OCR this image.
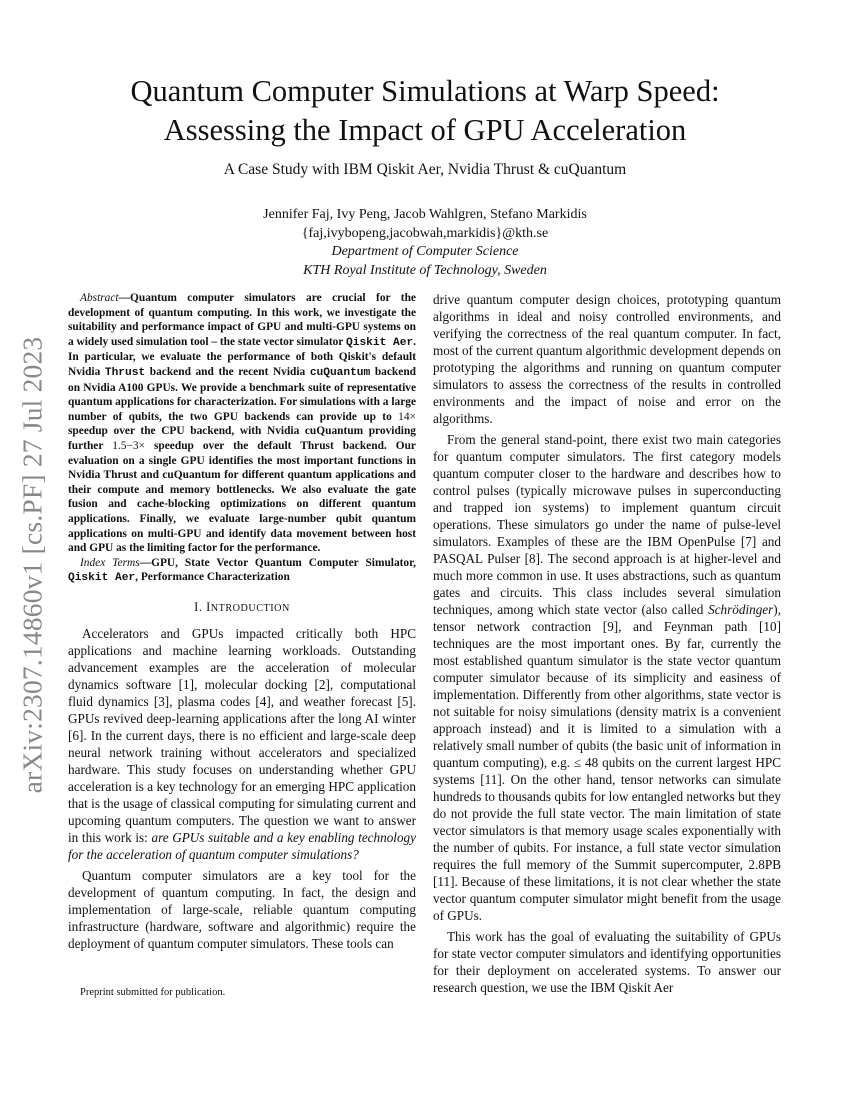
arXiv:2307.14860v1 [cs.PF] 27 Jul 2023
Quantum Computer Simulations at Warp Speed:
Assessing the Impact of GPU Acceleration
A Case Study with IBM Qiskit Aer, Nvidia Thrust & cuQuantum
Jennifer Faj, Ivy Peng, Jacob Wahlgren, Stefano Markidis
{faj,ivybopeng,jacobwah,markidis}@kth.se
Department of Computer Science
KTH Royal Institute of Technology, Sweden

Abstract—Quantum computer simulators are crucial for the development of quantum computing. In this work, we investigate the suitability and performance impact of GPU and multi-GPU systems on a widely used simulation tool – the state vector simulator Qiskit Aer. In particular, we evaluate the performance of both Qiskit's default Nvidia Thrust backend and the recent Nvidia cuQuantum backend on Nvidia A100 GPUs. We provide a benchmark suite of representative quantum applications for characterization. For simulations with a large number of qubits, the two GPU backends can provide up to 14× speedup over the CPU backend, with Nvidia cuQuantum providing further 1.5−3× speedup over the default Thrust backend. Our evaluation on a single GPU identifies the most important functions in Nvidia Thrust and cuQuantum for different quantum applications and their compute and memory bottlenecks. We also evaluate the gate fusion and cache-blocking optimizations on different quantum applications. Finally, we evaluate large-number qubit quantum applications on multi-GPU and identify data movement between host and GPU as the limiting factor for the performance.

Index Terms—GPU, State Vector Quantum Computer Simulator, Qiskit Aer, Performance Characterization

I. INTRODUCTION

Accelerators and GPUs impacted critically both HPC applications and machine learning workloads. Outstanding advancement examples are the acceleration of molecular dynamics software [1], molecular docking [2], computational fluid dynamics [3], plasma codes [4], and weather forecast [5]. GPUs revived deep-learning applications after the long AI winter [6]. In the current days, there is no efficient and large-scale deep neural network training without accelerators and specialized hardware. This study focuses on understanding whether GPU acceleration is a key technology for an emerging HPC application that is the usage of classical computing for simulating current and upcoming quantum computers. The question we want to answer in this work is: are GPUs suitable and a key enabling technology for the acceleration of quantum computer simulations?

Quantum computer simulators are a key tool for the development of quantum computing. In fact, the design and implementation of large-scale, reliable quantum computing infrastructure (hardware, software and algorithmic) require the deployment of quantum computer simulators. These tools can

drive quantum computer design choices, prototyping quantum algorithms in ideal and noisy controlled environments, and verifying the correctness of the real quantum computer. In fact, most of the current quantum algorithmic development depends on prototyping the algorithms and running on quantum computer simulators to assess the correctness of the results in controlled environments and the impact of noise and error on the algorithms.

From the general stand-point, there exist two main categories for quantum computer simulators. The first category models quantum computer closer to the hardware and describes how to control pulses (typically microwave pulses in superconducting and trapped ion systems) to implement quantum circuit operations. These simulators go under the name of pulse-level simulators. Examples of these are the IBM OpenPulse [7] and PASQAL Pulser [8]. The second approach is at higher-level and much more common in use. It uses abstractions, such as quantum gates and circuits. This class includes several simulation techniques, among which state vector (also called Schrödinger), tensor network contraction [9], and Feynman path [10] techniques are the most important ones. By far, currently the most established quantum simulator is the state vector quantum computer simulator because of its simplicity and easiness of implementation. Differently from other algorithms, state vector is not suitable for noisy simulations (density matrix is a convenient approach instead) and it is limited to a simulation with a relatively small number of qubits (the basic unit of information in quantum computing), e.g. ≤ 48 qubits on the current largest HPC systems [11]. On the other hand, tensor networks can simulate hundreds to thousands qubits for low entangled networks but they do not provide the full state vector. The main limitation of state vector simulators is that memory usage scales exponentially with the number of qubits. For instance, a full state vector simulation requires the full memory of the Summit supercomputer, 2.8PB [11]. Because of these limitations, it is not clear whether the state vector quantum computer simulator might benefit from the usage of GPUs.

This work has the goal of evaluating the suitability of GPUs for state vector computer simulators and identifying opportunities for their deployment on accelerated systems. To answer our research question, we use the IBM Qiskit Aer

Preprint submitted for publication.
